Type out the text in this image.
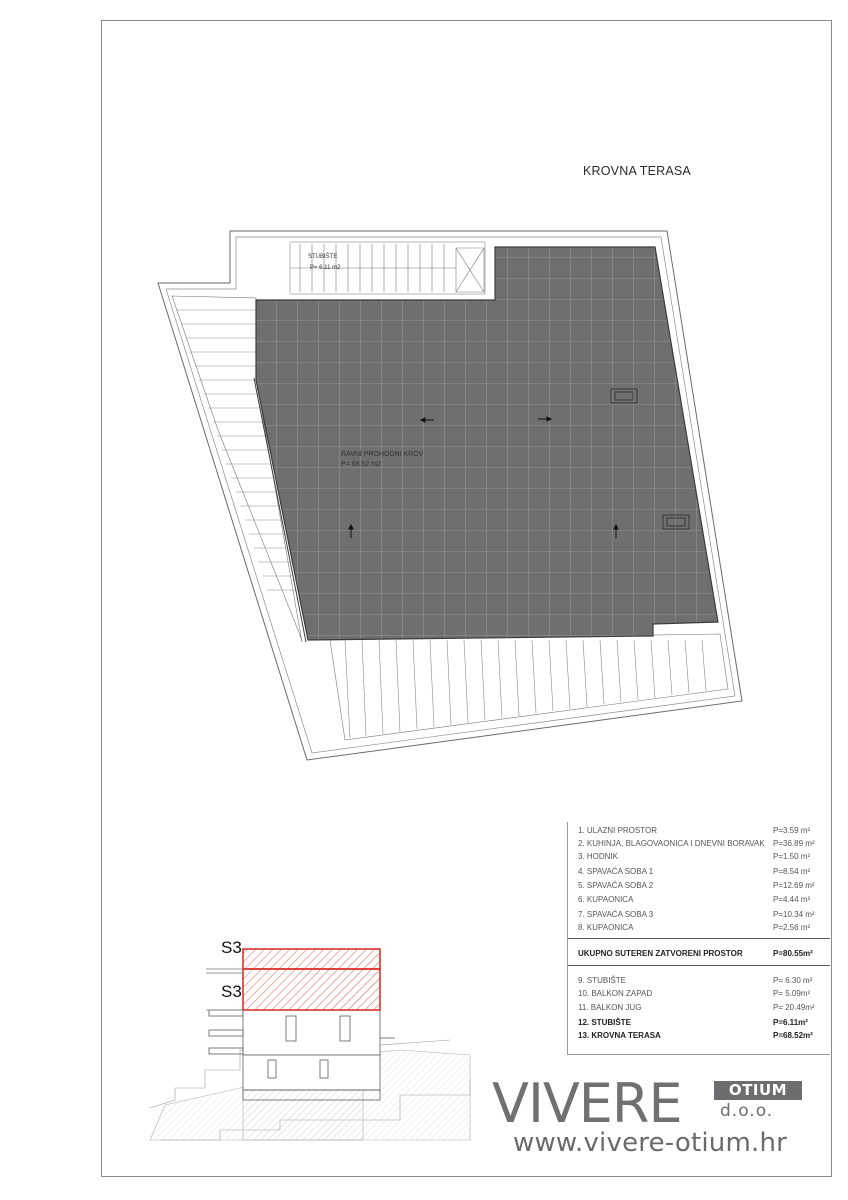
STUBIŠTE
P= 6.11 m2
RAVNI PROHODNI KROV
P= 68.52 m2
KROVNA TERASA
S3
S3
1. ULAZNI PROSTOR	P=3.59 m²
2. KUHINJA, BLAGOVAONICA I DNEVNI BORAVAK P=36.89 m²
3. HODNIK	P=1.50 m²
4. SPAVAĆA SOBA 1	P=8.54 m²
5. SPAVAĆA SOBA 2	P=12.69 m²
6. KUPAONICA	P=4.44 m²
7. SPAVAĆA SOBA 3	P=10.34 m²
8. KUPAONICA	P=2.56 m²
UKUPNO SUTEREN ZATVORENI PROSTOR	P=80.55m²
9. STUBIŠTE	P= 6.30 m²
10. BALKON ZAPAD	P= 5.09m²
11. BALKON JUG	P= 20.49m²
12. STUBIŠTE	P=6.11m²
13. KROVNA TERASA	P=68.52m²
VIVERE	OTIUM
d.o.o.
www.vivere-otium.hr
